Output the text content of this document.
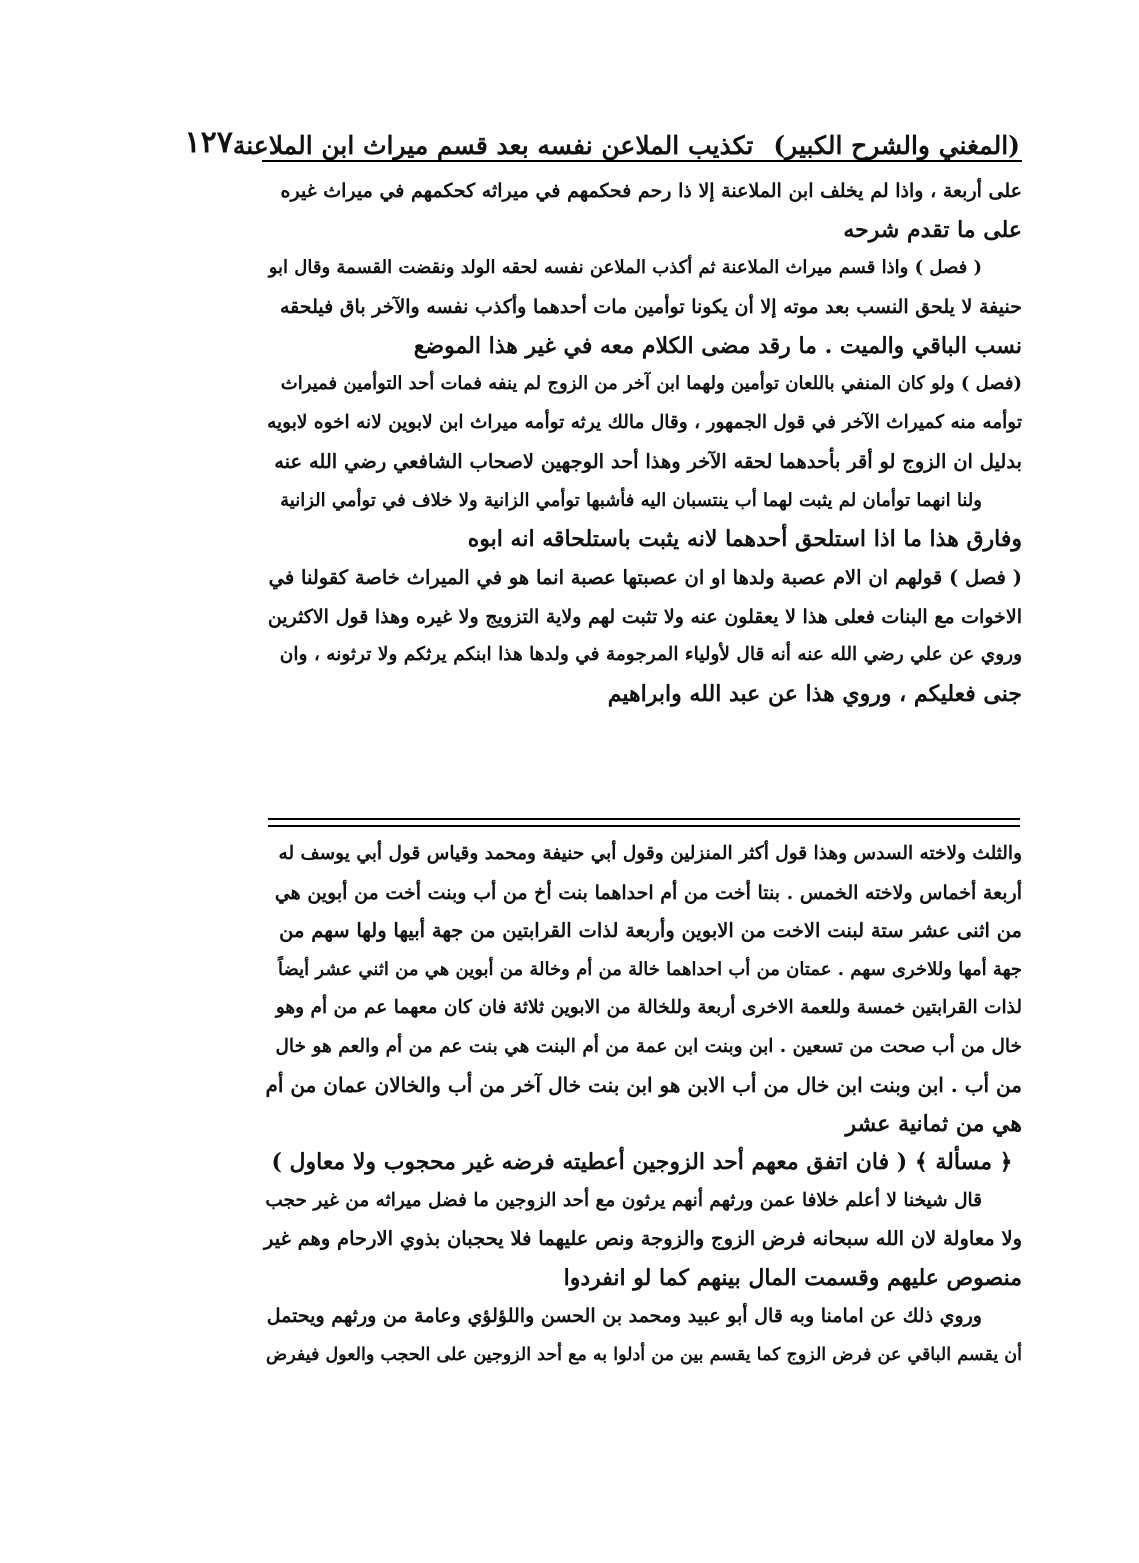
(المغني والشرح الكبير)
تكذيب الملاعن نفسه بعد قسم ميراث ابن الملاعنة
١٢٧

على أربعة ، واذا لم يخلف ابن الملاعنة إلا ذا رحم فحكمهم في ميراثه كحكمهم في ميراث غيره

على ما تقدم شرحه

( فصل ) واذا قسم ميراث الملاعنة ثم أكذب الملاعن نفسه لحقه الولد ونقضت القسمة وقال ابو

حنيفة لا يلحق النسب بعد موته إلا أن يكونا توأمين مات أحدهما وأكذب نفسه والآخر باق فيلحقه

نسب الباقي والميت . ما رقد مضى الكلام معه في غير هذا الموضع

(فصل ) ولو كان المنفي باللعان توأمين ولهما ابن آخر من الزوج لم ينفه فمات أحد التوأمين فميراث

توأمه منه كميراث الآخر في قول الجمهور ، وقال مالك يرثه توأمه ميراث ابن لابوين لانه اخوه لابويه

بدليل ان الزوج لو أقر بأحدهما لحقه الآخر وهذا أحد الوجهين لاصحاب الشافعي رضي الله عنه

ولنا انهما توأمان لم يثبت لهما أب ينتسبان اليه فأشبها توأمي الزانية ولا خلاف في توأمي الزانية

وفارق هذا ما اذا استلحق أحدهما لانه يثبت باستلحاقه انه ابوه

( فصل ) قولهم ان الام عصبة ولدها او ان عصبتها عصبة انما هو في الميراث خاصة كقولنا في

الاخوات مع البنات فعلى هذا لا يعقلون عنه ولا تثبت لهم ولاية التزويج ولا غيره وهذا قول الاكثرين

وروي عن علي رضي الله عنه أنه قال لأولياء المرجومة في ولدها هذا ابنكم يرثكم ولا ترثونه ، وان

جنى فعليكم ، وروي هذا عن عبد الله وابراهيم

والثلث ولاخته السدس وهذا قول أكثر المنزلين وقول أبي حنيفة ومحمد وقياس قول أبي يوسف له

أربعة أخماس ولاخته الخمس . بنتا أخت من أم احداهما بنت أخ من أب وبنت أخت من أبوين هي

من اثنى عشر ستة لبنت الاخت من الابوين وأربعة لذات القرابتين من جهة أبيها ولها سهم من

جهة أمها وللاخرى سهم . عمتان من أب احداهما خالة من أم وخالة من أبوين هي من اثني عشر أيضاً

لذات القرابتين خمسة وللعمة الاخرى أربعة وللخالة من الابوين ثلاثة فان كان معهما عم من أم وهو

خال من أب صحت من تسعين . ابن وبنت ابن عمة من أم البنت هي بنت عم من أم والعم هو خال

من أب . ابن وبنت ابن خال من أب الابن هو ابن بنت خال آخر من أب والخالان عمان من أم

هي من ثمانية عشر

﴿ مسألة ﴾ ( فان اتفق معهم أحد الزوجين أعطيته فرضه غير محجوب ولا معاول )

قال شيخنا لا أعلم خلافا عمن ورثهم أنهم يرثون مع أحد الزوجين ما فضل ميراثه من غير حجب

ولا معاولة لان الله سبحانه فرض الزوج والزوجة ونص عليهما فلا يحجبان بذوي الارحام وهم غير

منصوص عليهم وقسمت المال بينهم كما لو انفردوا

وروي ذلك عن امامنا وبه قال أبو عبيد ومحمد بن الحسن واللؤلؤي وعامة من ورثهم ويحتمل

أن يقسم الباقي عن فرض الزوج كما يقسم بين من أدلوا به مع أحد الزوجين على الحجب والعول فيفرض
